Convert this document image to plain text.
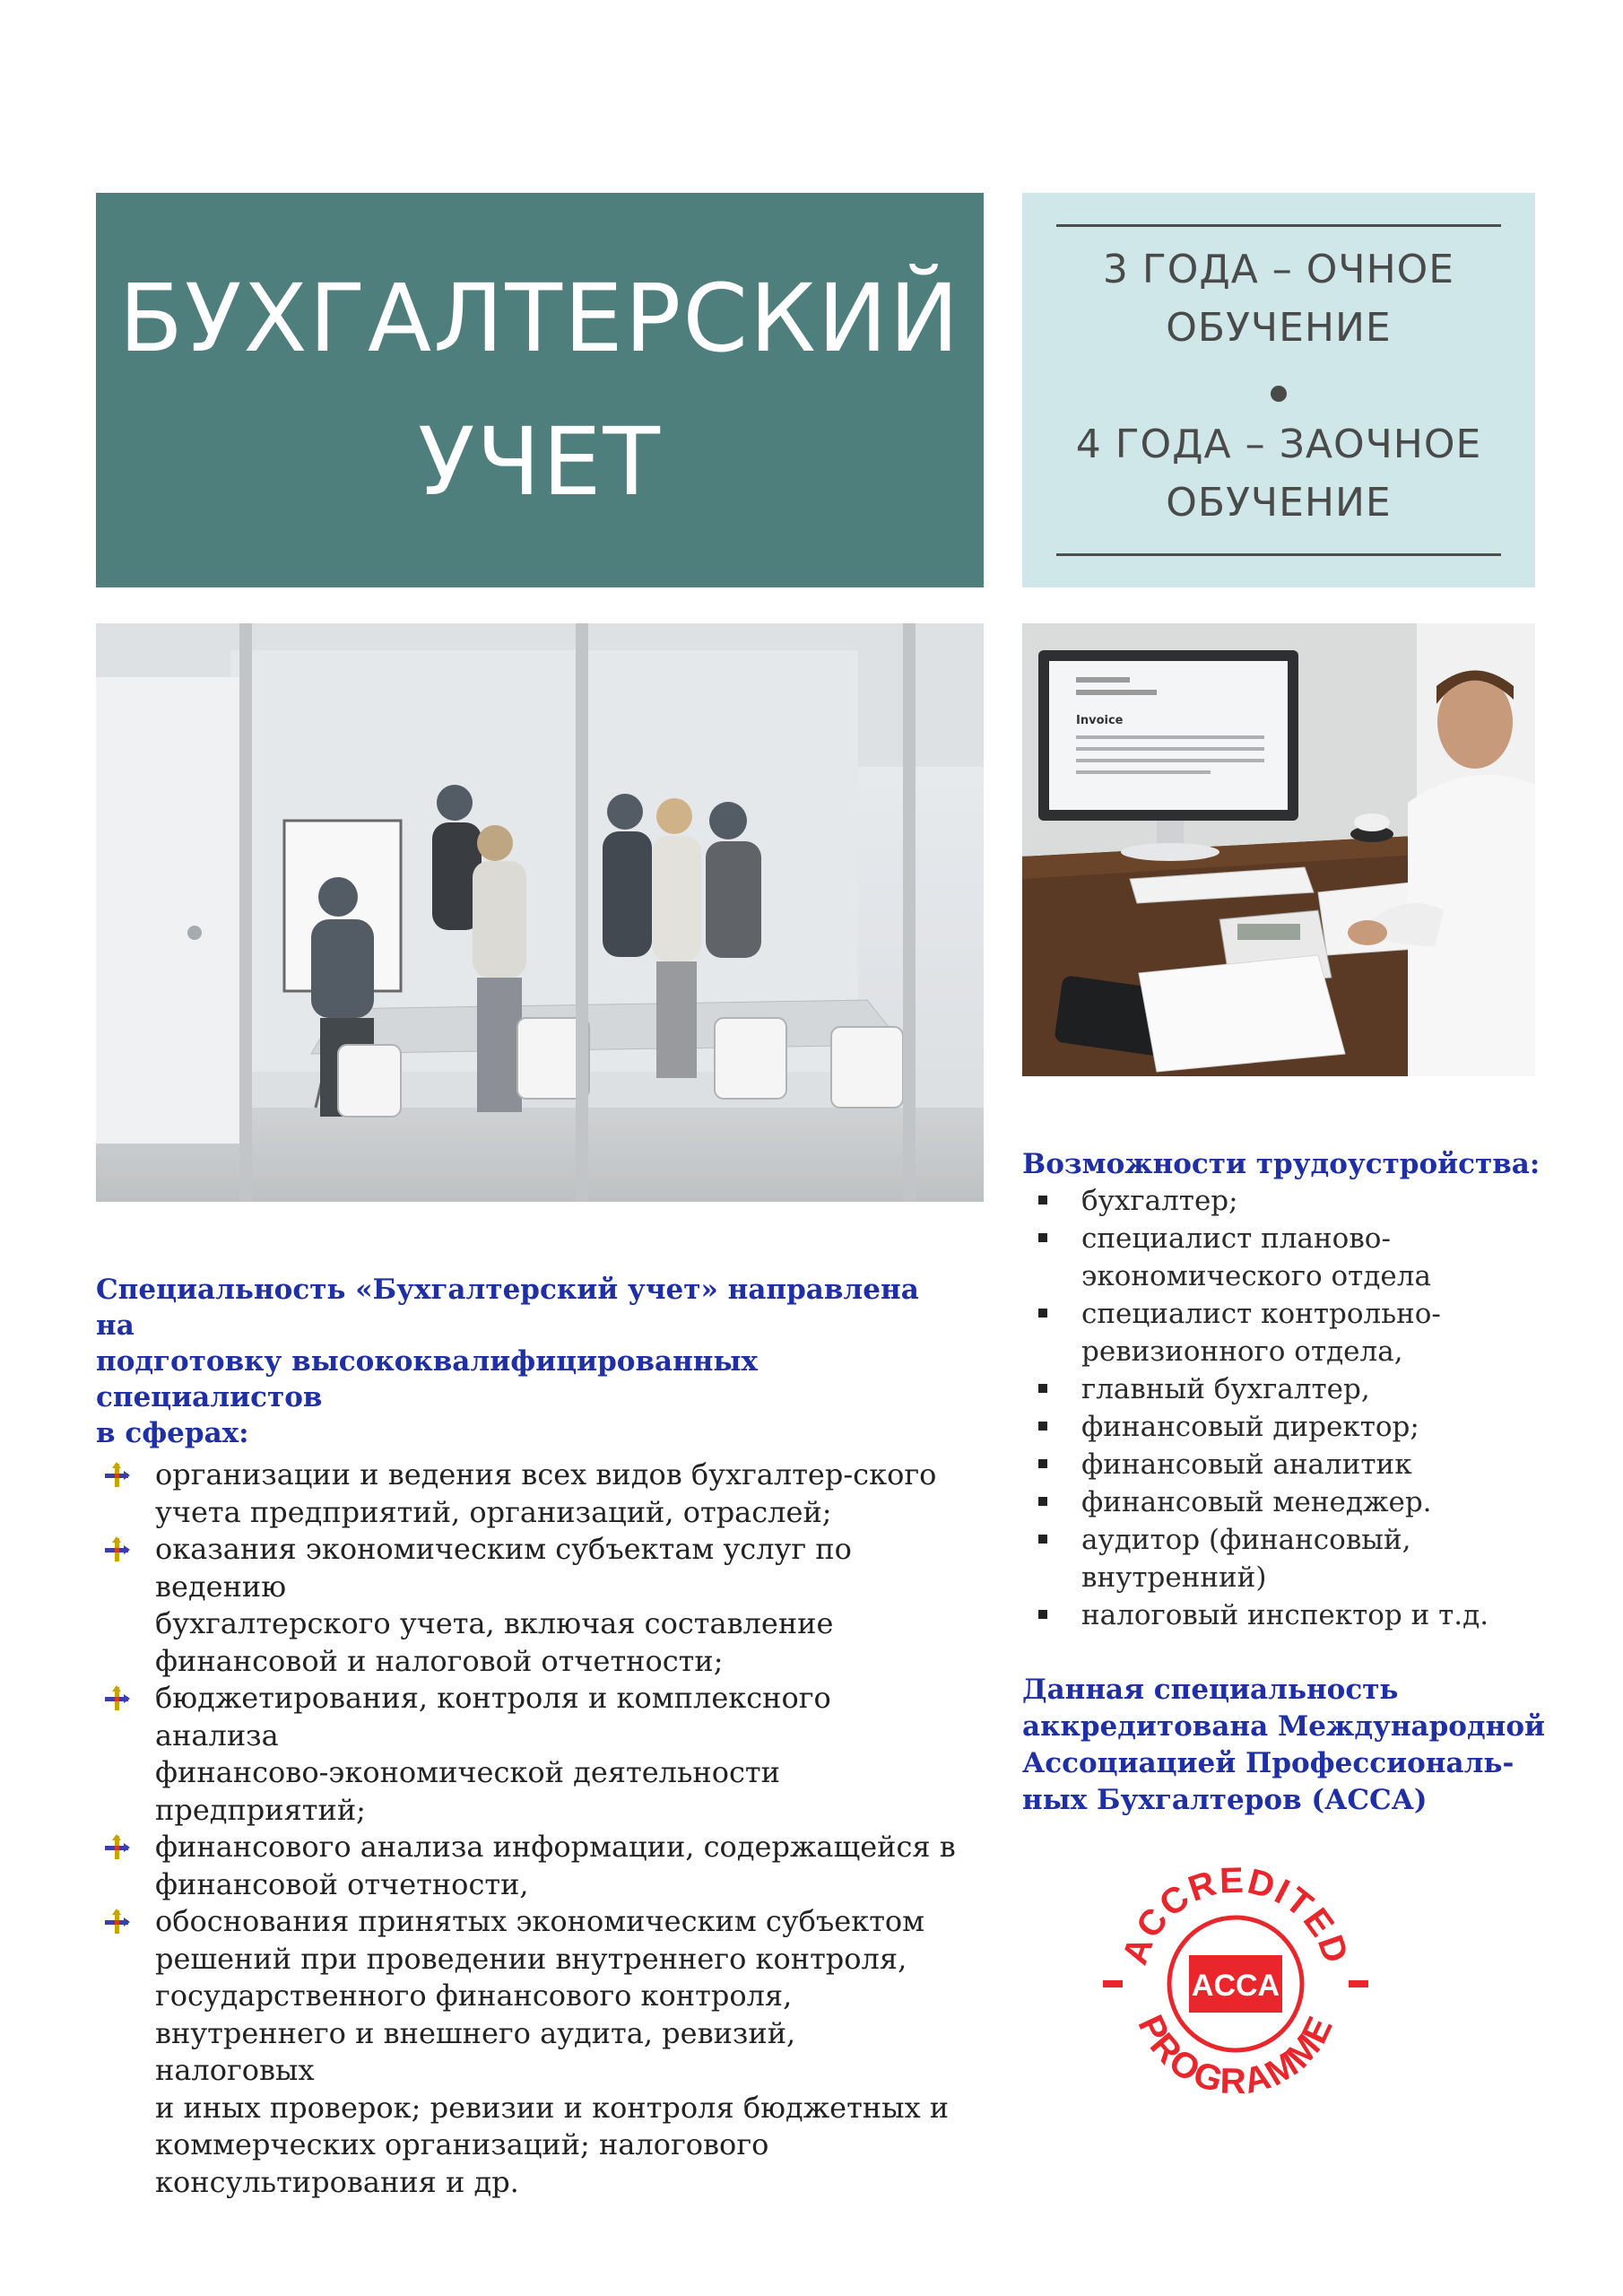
БУХГАЛТЕРСКИЙ
УЧЕТ
3 ГОДА – ОЧНОЕ
ОБУЧЕНИЕ
4 ГОДА – ЗАОЧНОЕ
ОБУЧЕНИЕ
Invoice

Специальность «Бухгалтерский учет» направлена на
подготовку высококвалифицированных специалистов
в сферах:

организации и ведения всех видов бухгалтер-ского
учета предприятий, организаций, отраслей;
оказания экономическим субъектам услуг по ведению
бухгалтерского учета, включая составление
финансовой и налоговой отчетности;
бюджетирования, контроля и комплексного анализа
финансово-экономической деятельности
предприятий;
финансового анализа информации, содержащейся в
финансовой отчетности,
обоснования принятых экономическим субъектом
решений при проведении внутреннего контроля,
государственного финансового контроля,
внутреннего и внешнего аудита, ревизий, налоговых
и иных проверок; ревизии и контроля бюджетных и
коммерческих организаций; налогового
консультирования и др.

Возможности трудоустройства:

бухгалтер;
специалист планово-
экономического отдела
специалист контрольно-
ревизионного отдела,
главный бухгалтер,
финансовый директор;
финансовый аналитик
финансовый менеджер.
аудитор (финансовый,
внутренний)
налоговый инспектор и т.д.

Данная специальность
аккредитована Международной
Ассоциацией Профессиональ-
ных Бухгалтеров (АССА)

ACCA
ACCREDITED
PROGRAMME
